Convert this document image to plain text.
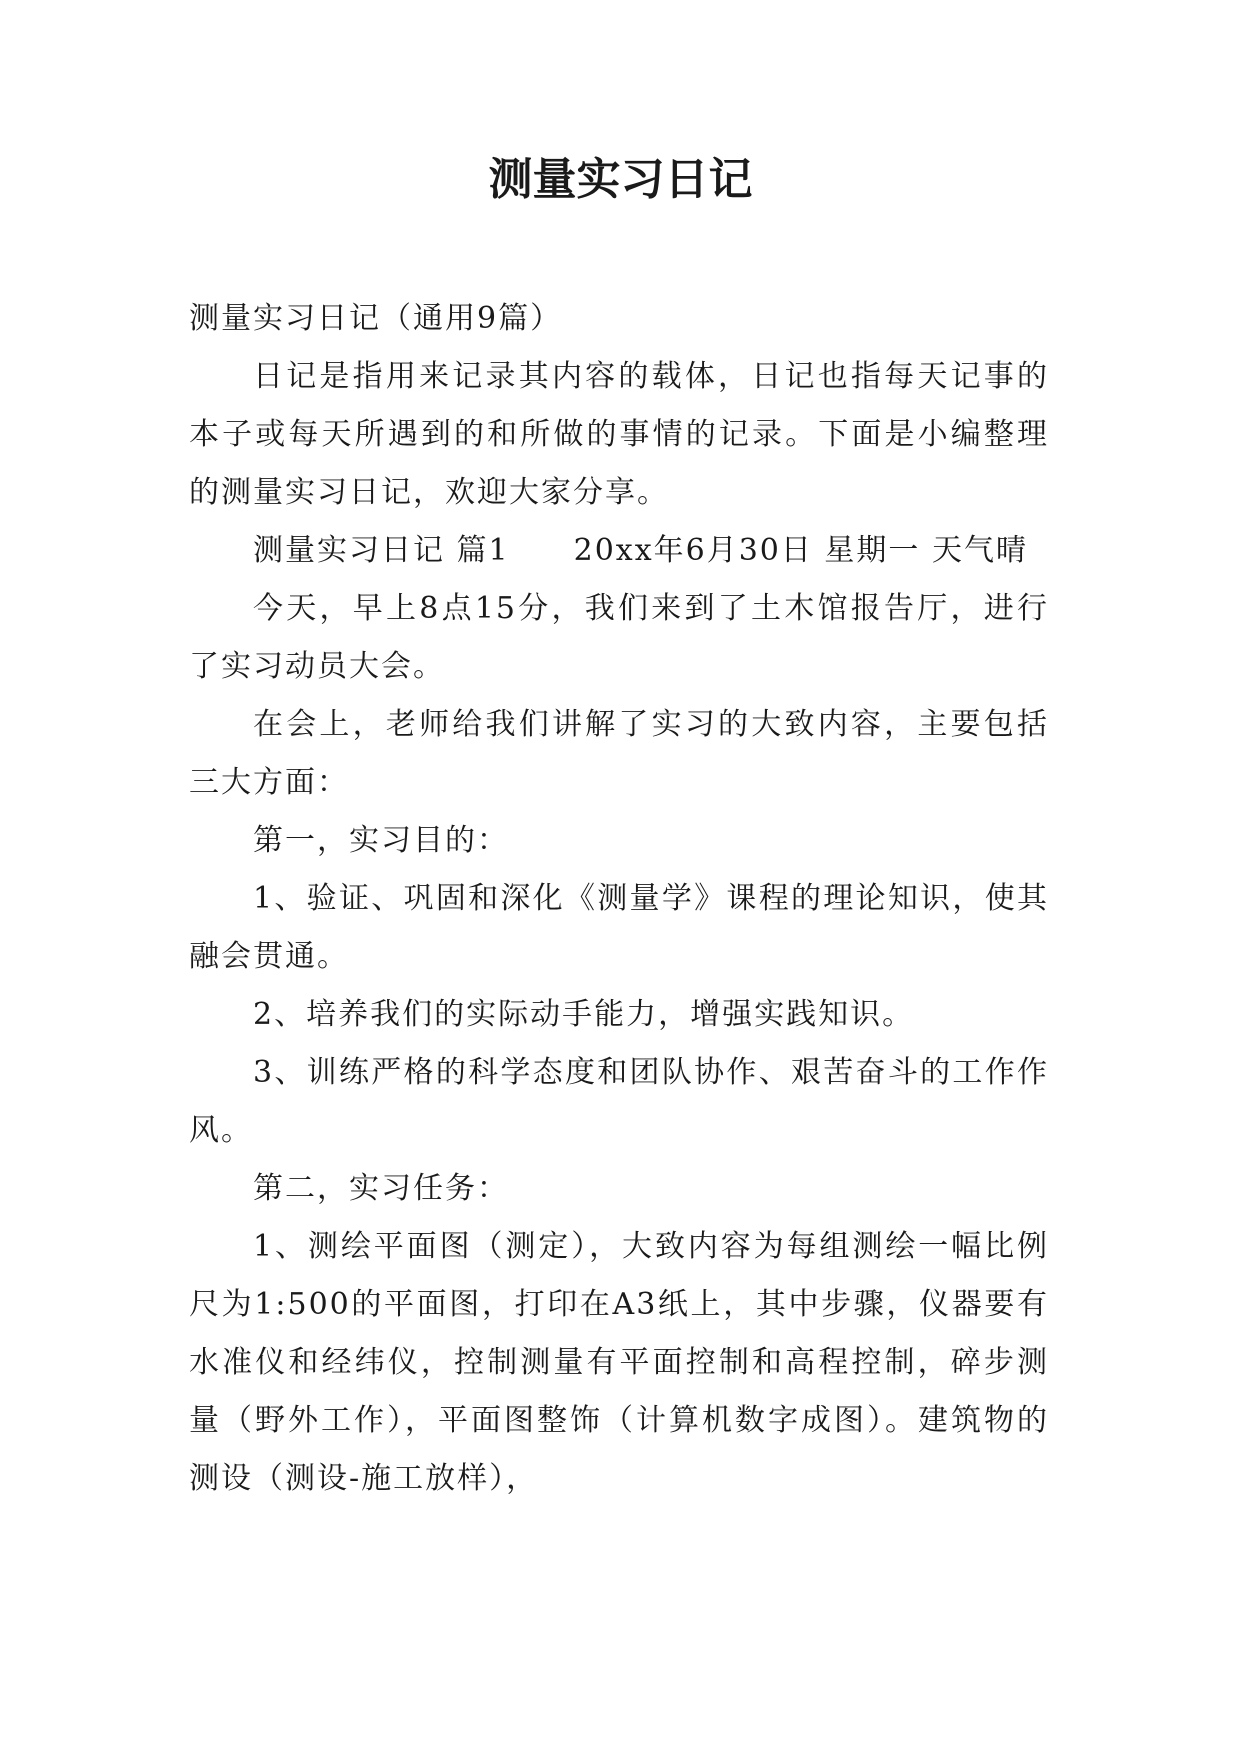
测量实习日记

测量实习日记（通用9篇）

日记是指用来记录其内容的载体，日记也指每天记事的本子或每天所遇到的和所做的事情的记录。下面是小编整理的测量实习日记，欢迎大家分享。

测量实习日记 篇1　　20xx年6月30日 星期一 天气晴

今天，早上8点15分，我们来到了土木馆报告厅，进行了实习动员大会。

在会上，老师给我们讲解了实习的大致内容，主要包括三大方面：

第一，实习目的：

1、验证、巩固和深化《测量学》课程的理论知识，使其融会贯通。

2、培养我们的实际动手能力，增强实践知识。

3、训练严格的科学态度和团队协作、艰苦奋斗的工作作风。

第二，实习任务：

1、测绘平面图（测定），大致内容为每组测绘一幅比例尺为1:500的平面图，打印在A3纸上，其中步骤，仪器要有水准仪和经纬仪，控制测量有平面控制和高程控制，碎步测量（野外工作），平面图整饰（计算机数字成图）。建筑物的测设（测设-施工放样），
